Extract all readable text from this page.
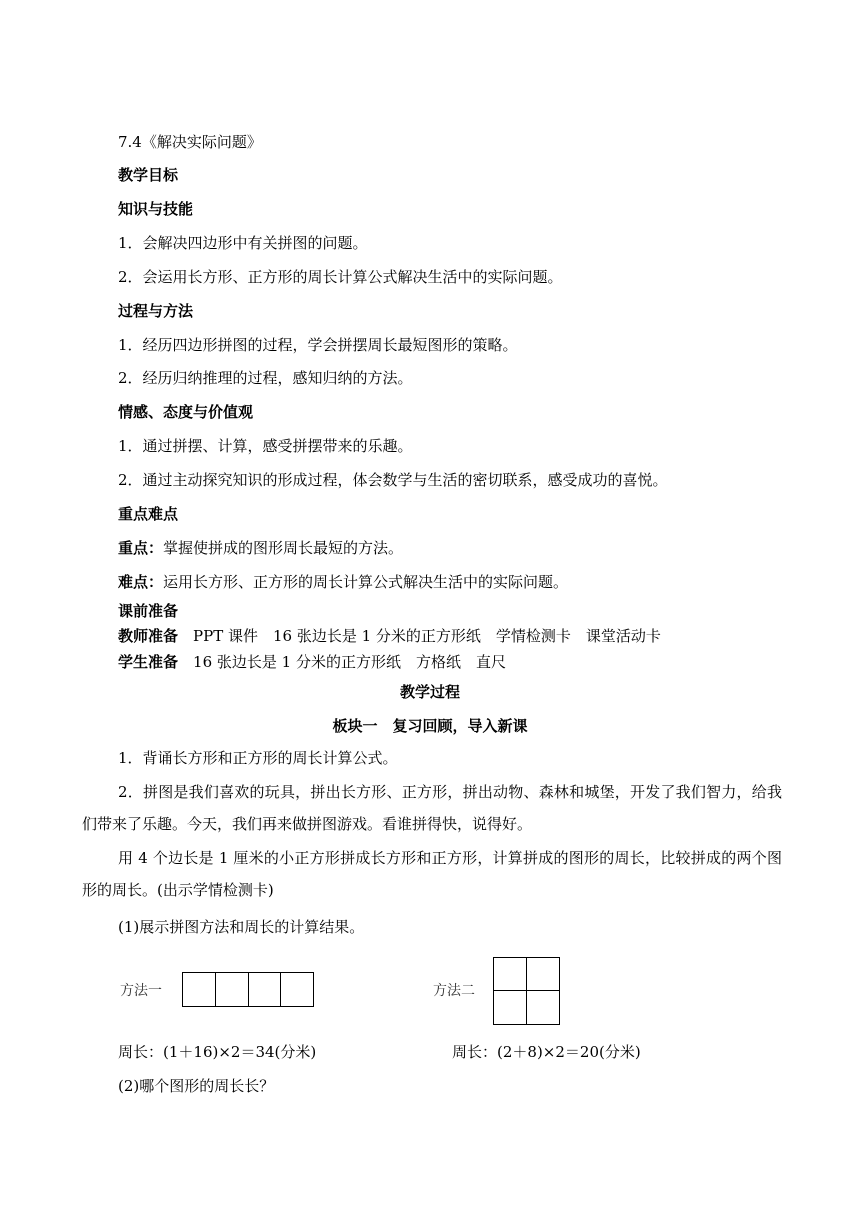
7.4《解决实际问题》
教学目标
知识与技能
1．会解决四边形中有关拼图的问题。
2．会运用长方形、正方形的周长计算公式解决生活中的实际问题。
过程与方法
1．经历四边形拼图的过程，学会拼摆周长最短图形的策略。
2．经历归纳推理的过程，感知归纳的方法。
情感、态度与价值观
1．通过拼摆、计算，感受拼摆带来的乐趣。
2．通过主动探究知识的形成过程，体会数学与生活的密切联系，感受成功的喜悦。
重点难点
重点：掌握使拼成的图形周长最短的方法。
难点：运用长方形、正方形的周长计算公式解决生活中的实际问题。
课前准备
教师准备　 PPT 课件　16 张边长是 1 分米的正方形纸　学情检测卡　课堂活动卡
学生准备　 16 张边长是 1 分米的正方形纸　方格纸　直尺
教学过程
板块一　复习回顾，导入新课
1．背诵长方形和正方形的周长计算公式。
2．拼图是我们喜欢的玩具，拼出长方形、正方形，拼出动物、森林和城堡，开发了我们智力，给我们带来了乐趣。今天，我们再来做拼图游戏。看谁拼得快，说得好。
用 4 个边长是 1 厘米的小正方形拼成长方形和正方形，计算拼成的图形的周长，比较拼成的两个图形的周长。(出示学情检测卡)
(1)展示拼图方法和周长的计算结果。
方法一	方法二
周长：(1＋16)×2＝34(分米)	周长：(2＋8)×2＝20(分米)
(2)哪个图形的周长长？
